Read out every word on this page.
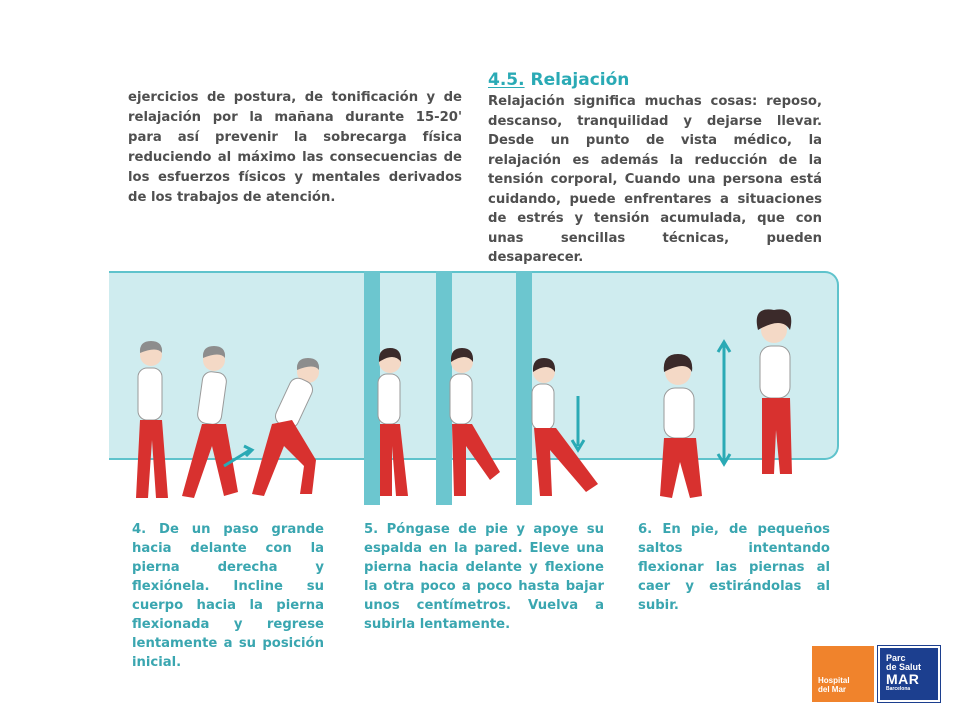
ejercicios de postura, de tonificación y de relajación por la mañana durante 15-20' para así prevenir la sobrecarga física reduciendo al máximo las consecuencias de los esfuerzos físicos y mentales derivados de los trabajos de atención.

4.5. Relajación

Relajación significa muchas cosas: reposo, descanso, tranquilidad y dejarse llevar. Desde un punto de vista médico, la relajación es además la reducción de la tensión corporal, Cuando una persona está cuidando, puede enfrentares a situaciones de estrés y tensión acumulada, que con unas sencillas técnicas, pueden desaparecer.

4. De un paso grande hacia delante con la pierna derecha y flexiónela. Incline su cuerpo hacia la pierna flexionada y regrese lentamente a su posición inicial.

5. Póngase de pie y apoye su espalda en la pared. Eleve una pierna hacia delante y flexione la otra poco a poco hasta bajar unos centímetros. Vuelva a subirla lentamente.

6. En pie, de pequeños saltos intentando flexionar las piernas al caer y estirándolas al subir.

Hospital
del Mar
Parc
de Salut
MAR
Barcelona
